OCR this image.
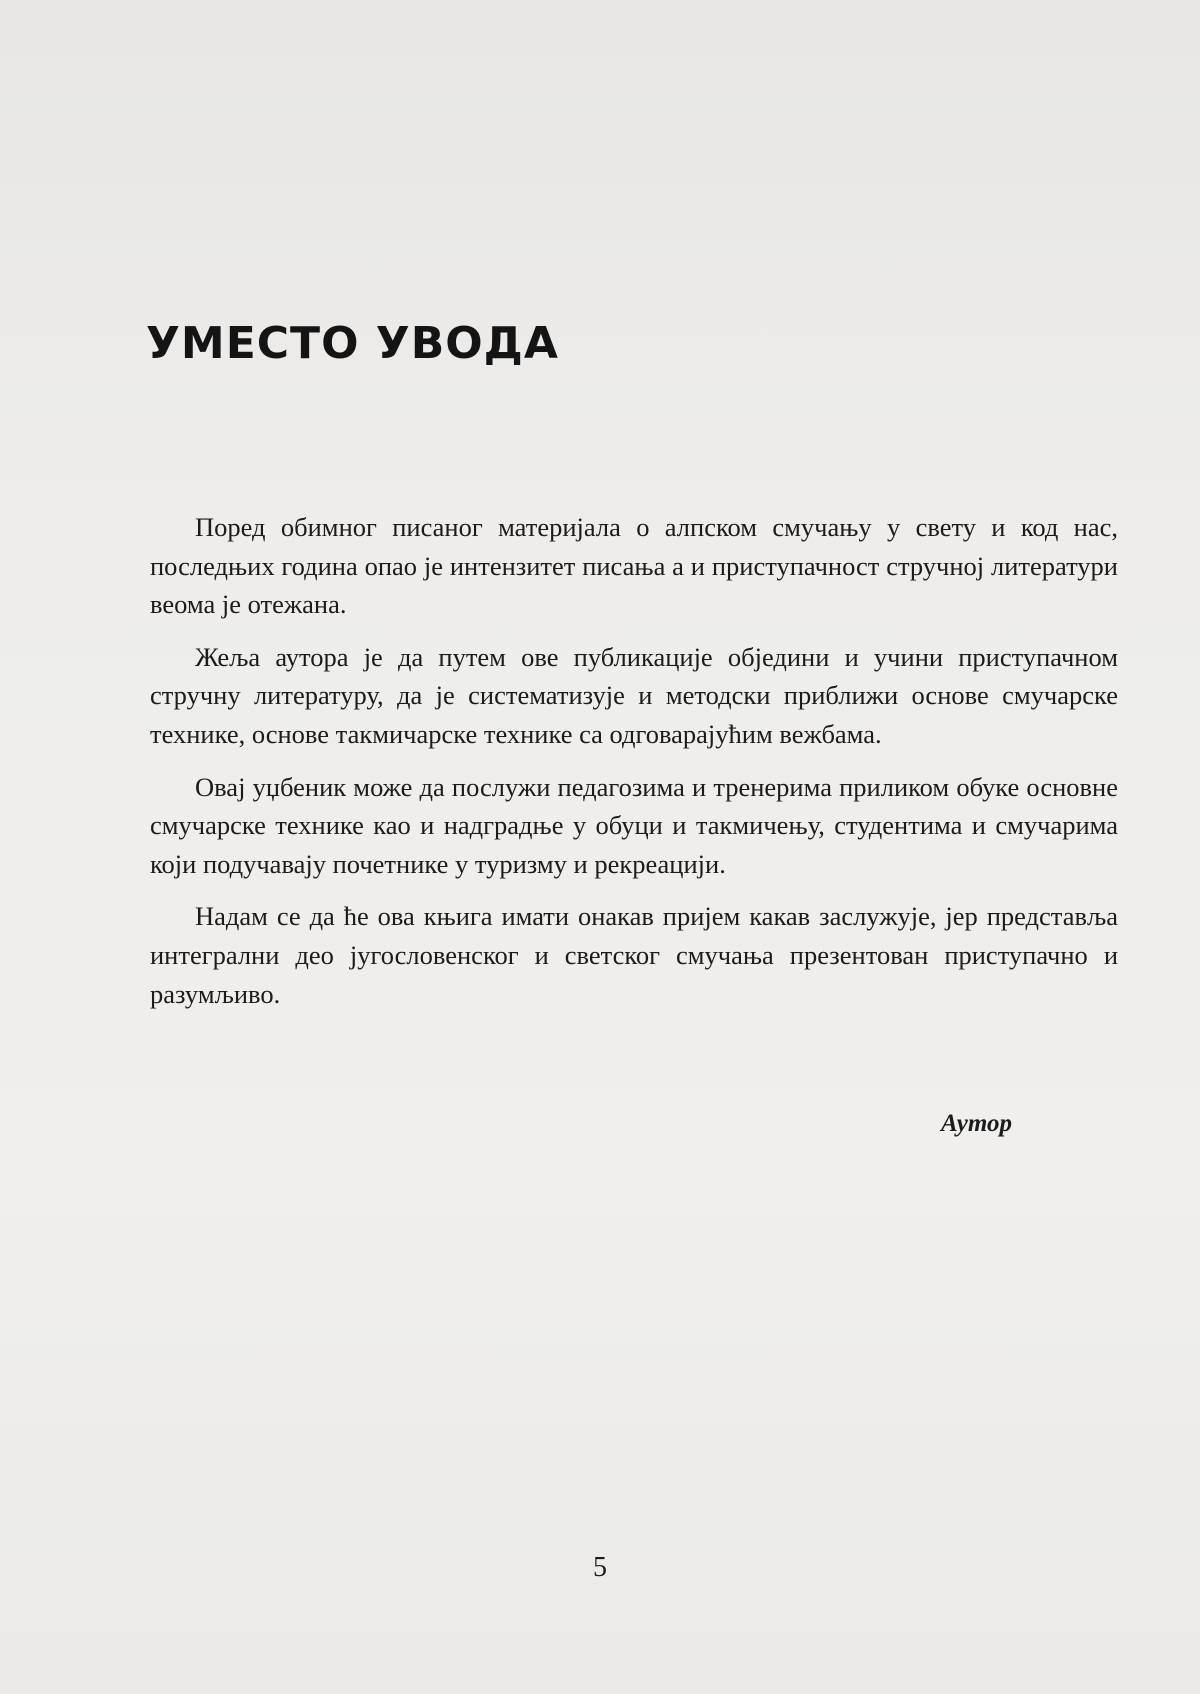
УМЕСТО УВОДА

Поред обимног писаног материјала о алпском смучању у свету и код нас, последњих година опао је интензитет писања а и приступачност стручној литератури веома је отежана.

Жеља аутора је да путем ове публикације обједини и учини приступачном стручну литературу, да је систематизује и методски приближи основе смучарске технике, основе такмичарске технике са одговарајућим вежбама.

Овај уџбеник може да послужи педагозима и тренерима приликом обуке основне смучарске технике као и надградње у обуци и такмичењу, студентима и смучарима који подучавају почетнике у туризму и рекреацији.

Надам се да ће ова књига имати онакав пријем какав заслужује, јер представља интегрални део југословенског и светског смучања презентован приступачно и разумљиво.

Аутор
5
